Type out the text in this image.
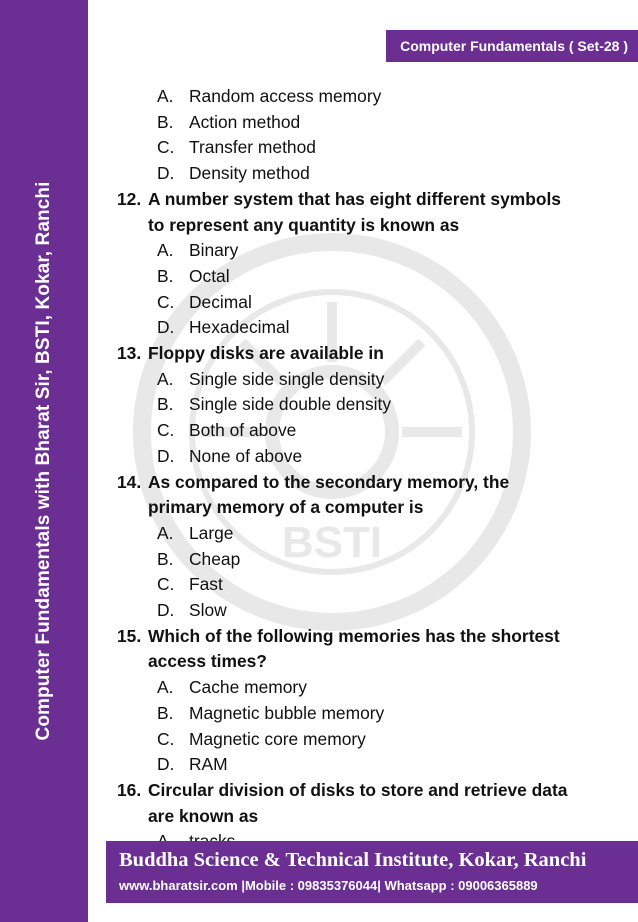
Computer Fundamentals with Bharat Sir, BSTI, Kokar, Ranchi
Computer Fundamentals ( Set-28 )
BSTI
A. Random access memory
B. Action method
C. Transfer method
D. Density method
12. A number system that has eight different symbols
to represent any quantity is known as
A. Binary
B. Octal
C. Decimal
D. Hexadecimal
13. Floppy disks are available in
A. Single side single density
B. Single side double density
C. Both of above
D. None of above
14. As compared to the secondary memory, the
primary memory of a computer is
A. Large
B. Cheap
C. Fast
D. Slow
15. Which of the following memories has the shortest
access times?
A. Cache memory
B. Magnetic bubble memory
C. Magnetic core memory
D. RAM
16. Circular division of disks to store and retrieve data
are known as
Buddha Science & Technical Institute, Kokar, Ranchi
www.bharatsir.com |Mobile : 09835376044| Whatsapp : 09006365889
